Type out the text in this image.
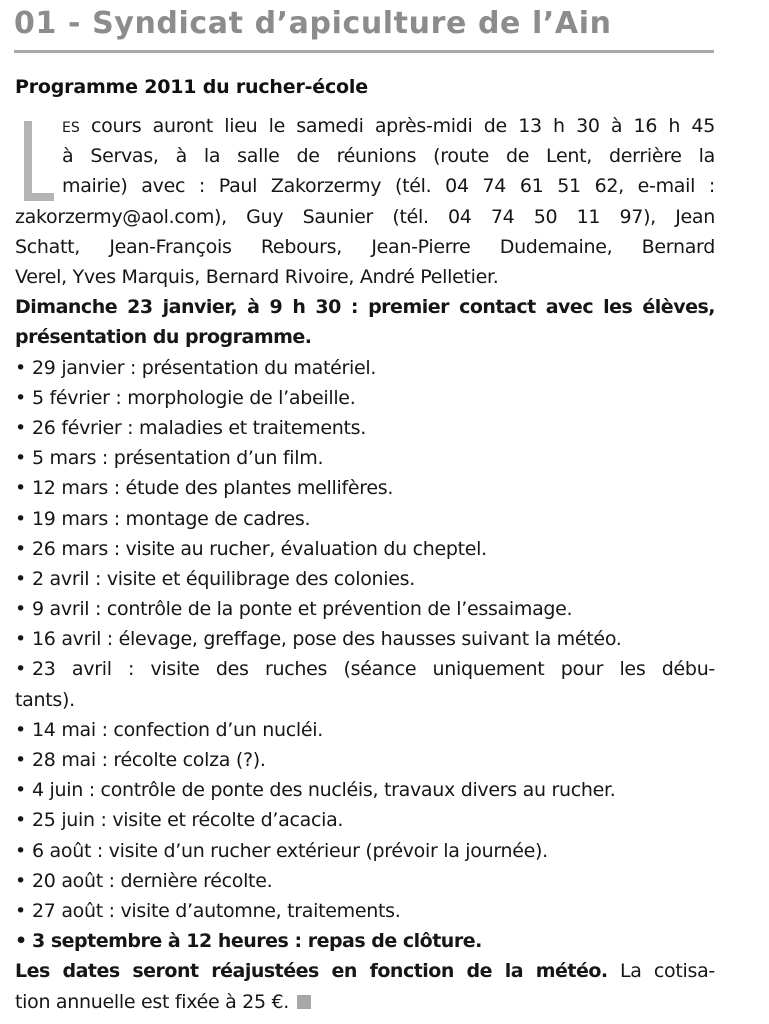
01 - Syndicat d’apiculture de l’Ain
Programme 2011 du rucher-école
ES cours auront lieu le samedi après-midi de 13 h 30 à 16 h 45
à Servas, à la salle de réunions (route de Lent, derrière la
mairie) avec : Paul Zakorzermy (tél. 04 74 61 51 62, e-mail :
zakorzermy@aol.com), Guy Saunier (tél. 04 74 50 11 97), Jean
Schatt, Jean-François Rebours, Jean-Pierre Dudemaine, Bernard
Verel, Yves Marquis, Bernard Rivoire, André Pelletier.
Dimanche 23 janvier, à 9 h 30 : premier contact avec les élèves,
présentation du programme.
• 29 janvier : présentation du matériel.
• 5 février : morphologie de l’abeille.
• 26 février : maladies et traitements.
• 5 mars : présentation d’un film.
• 12 mars : étude des plantes mellifères.
• 19 mars : montage de cadres.
• 26 mars : visite au rucher, évaluation du cheptel.
• 2 avril : visite et équilibrage des colonies.
• 9 avril : contrôle de la ponte et prévention de l’essaimage.
• 16 avril : élevage, greffage, pose des hausses suivant la météo.
• 23 avril : visite des ruches (séance uniquement pour les débu-
tants).
• 14 mai : confection d’un nucléi.
• 28 mai : récolte colza (?).
• 4 juin : contrôle de ponte des nucléis, travaux divers au rucher.
• 25 juin : visite et récolte d’acacia.
• 6 août : visite d’un rucher extérieur (prévoir la journée).
• 20 août : dernière récolte.
• 27 août : visite d’automne, traitements.
• 3 septembre à 12 heures : repas de clôture.
Les dates seront réajustées en fonction de la météo. La cotisa-
tion annuelle est fixée à 25 €.
